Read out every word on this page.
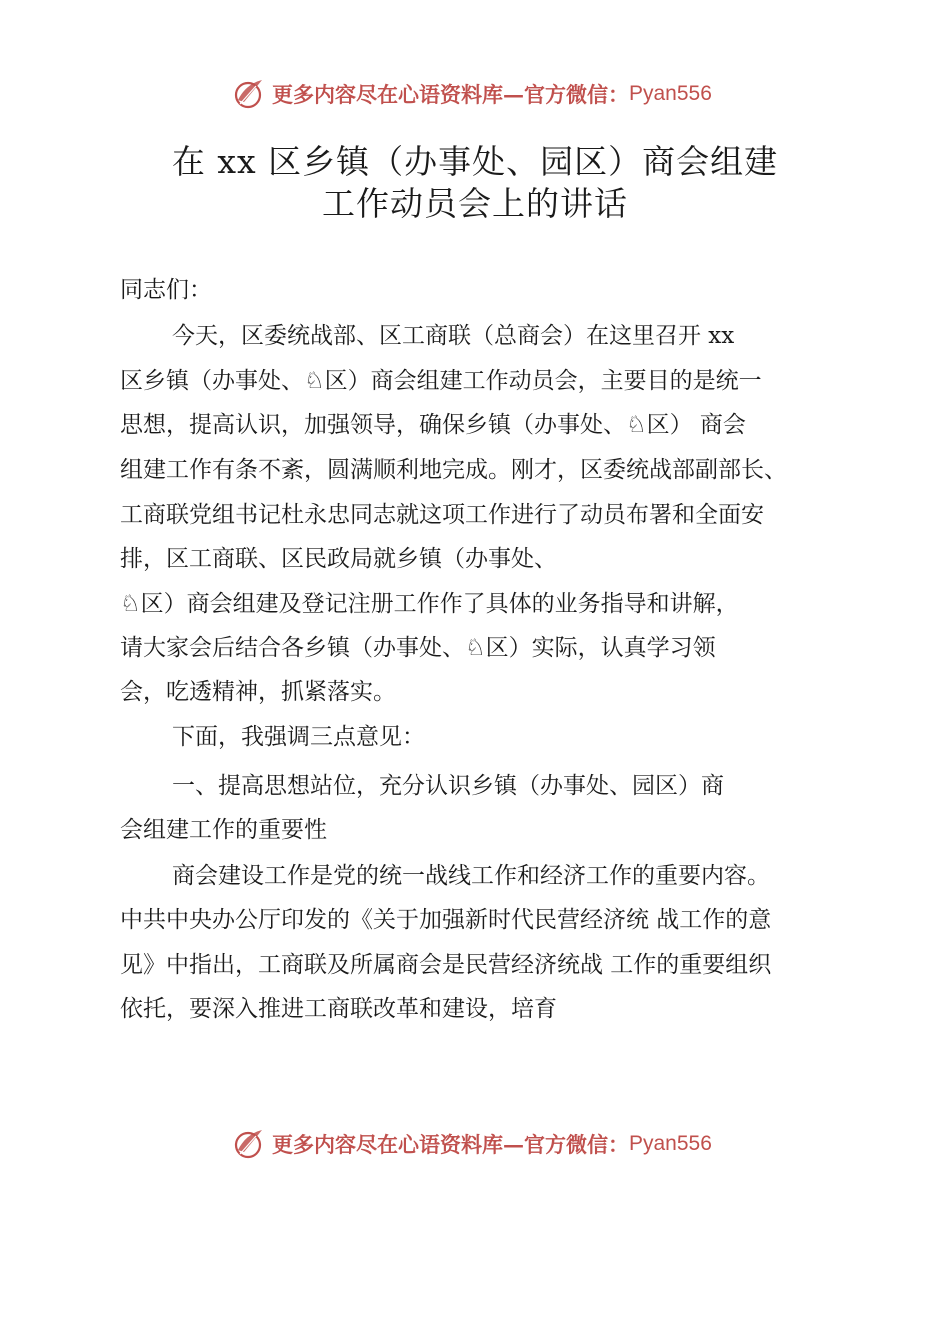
更多内容尽在心语资料库—官方微信： Pyan556
在 xx 区乡镇（办事处、园区）商会组建
工作动员会上的讲话
同志们：
今天，区委统战部、区工商联（总商会）在这里召开 xx
区乡镇（办事处、♘区）商会组建工作动员会，主要目的是统一
思想，提高认识，加强领导，确保乡镇（办事处、♘区） 商会
组建工作有条不紊，圆满顺利地完成。刚才，区委统战部副部长、
工商联党组书记杜永忠同志就这项工作进行了动员布署和全面安
排，区工商联、区民政局就乡镇（办事处、
♘区）商会组建及登记注册工作作了具体的业务指导和讲解，
请大家会后结合各乡镇（办事处、♘区）实际，认真学习领
会，吃透精神，抓紧落实。
下面，我强调三点意见：
一、提高思想站位，充分认识乡镇（办事处、园区）商
会组建工作的重要性
商会建设工作是党的统一战线工作和经济工作的重要内容。
中共中央办公厅印发的《关于加强新时代民营经济统 战工作的意
见》中指出，工商联及所属商会是民营经济统战 工作的重要组织
依托，要深入推进工商联改革和建设，培育
更多内容尽在心语资料库—官方微信： Pyan556
